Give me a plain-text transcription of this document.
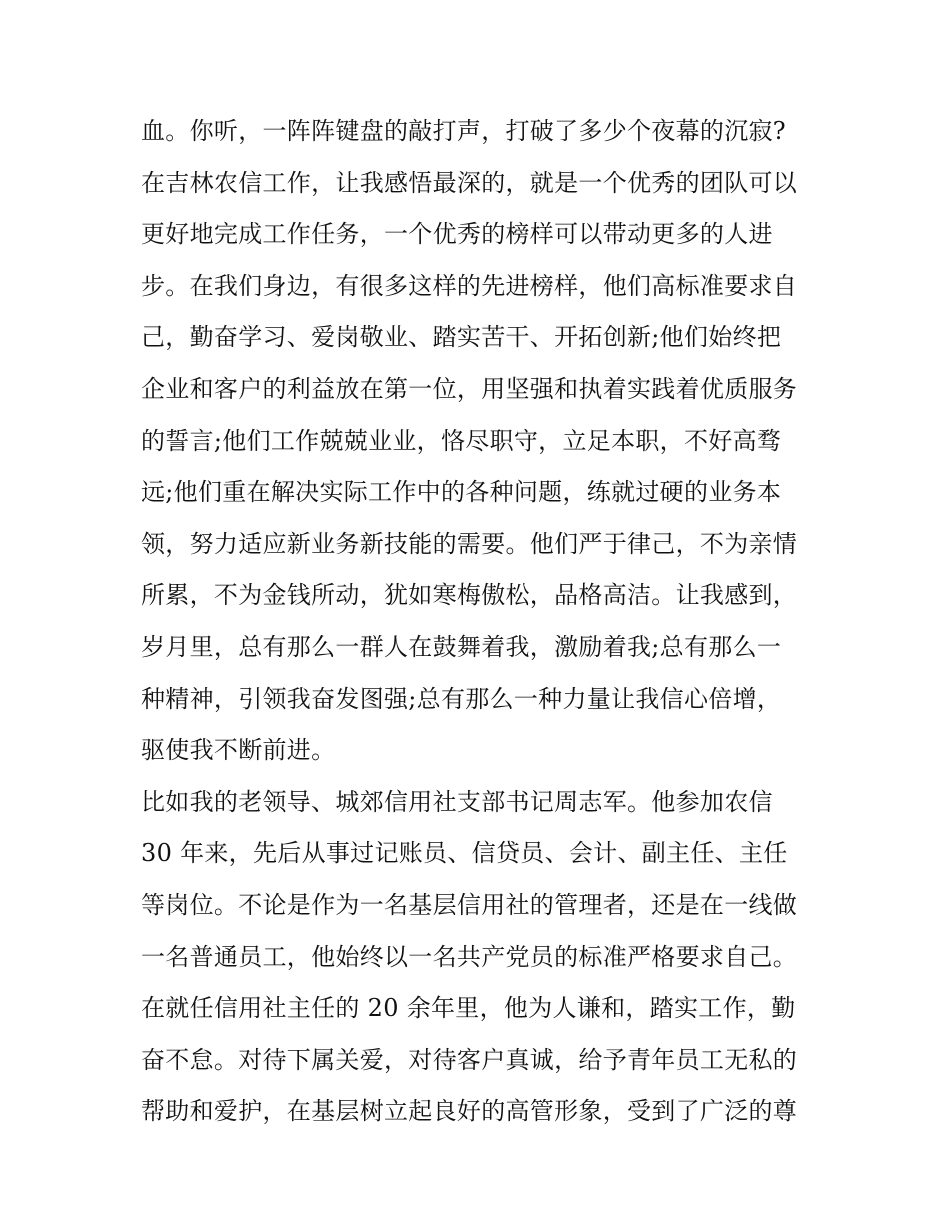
血。你听，一阵阵键盘的敲打声，打破了多少个夜幕的沉寂?
在吉林农信工作，让我感悟最深的，就是一个优秀的团队可以
更好地完成工作任务，一个优秀的榜样可以带动更多的人进
步。在我们身边，有很多这样的先进榜样，他们高标准要求自
己，勤奋学习、爱岗敬业、踏实苦干、开拓创新;他们始终把
企业和客户的利益放在第一位，用坚强和执着实践着优质服务
的誓言;他们工作兢兢业业，恪尽职守，立足本职，不好高骛
远;他们重在解决实际工作中的各种问题，练就过硬的业务本
领，努力适应新业务新技能的需要。他们严于律己，不为亲情
所累，不为金钱所动，犹如寒梅傲松，品格高洁。让我感到，
岁月里，总有那么一群人在鼓舞着我，激励着我;总有那么一
种精神，引领我奋发图强;总有那么一种力量让我信心倍增，
驱使我不断前进。
比如我的老领导、城郊信用社支部书记周志军。他参加农信
30 年来，先后从事过记账员、信贷员、会计、副主任、主任
等岗位。不论是作为一名基层信用社的管理者，还是在一线做
一名普通员工，他始终以一名共产党员的标准严格要求自己。
在就任信用社主任的 20 余年里，他为人谦和，踏实工作，勤
奋不怠。对待下属关爱，对待客户真诚，给予青年员工无私的
帮助和爱护，在基层树立起良好的高管形象，受到了广泛的尊
